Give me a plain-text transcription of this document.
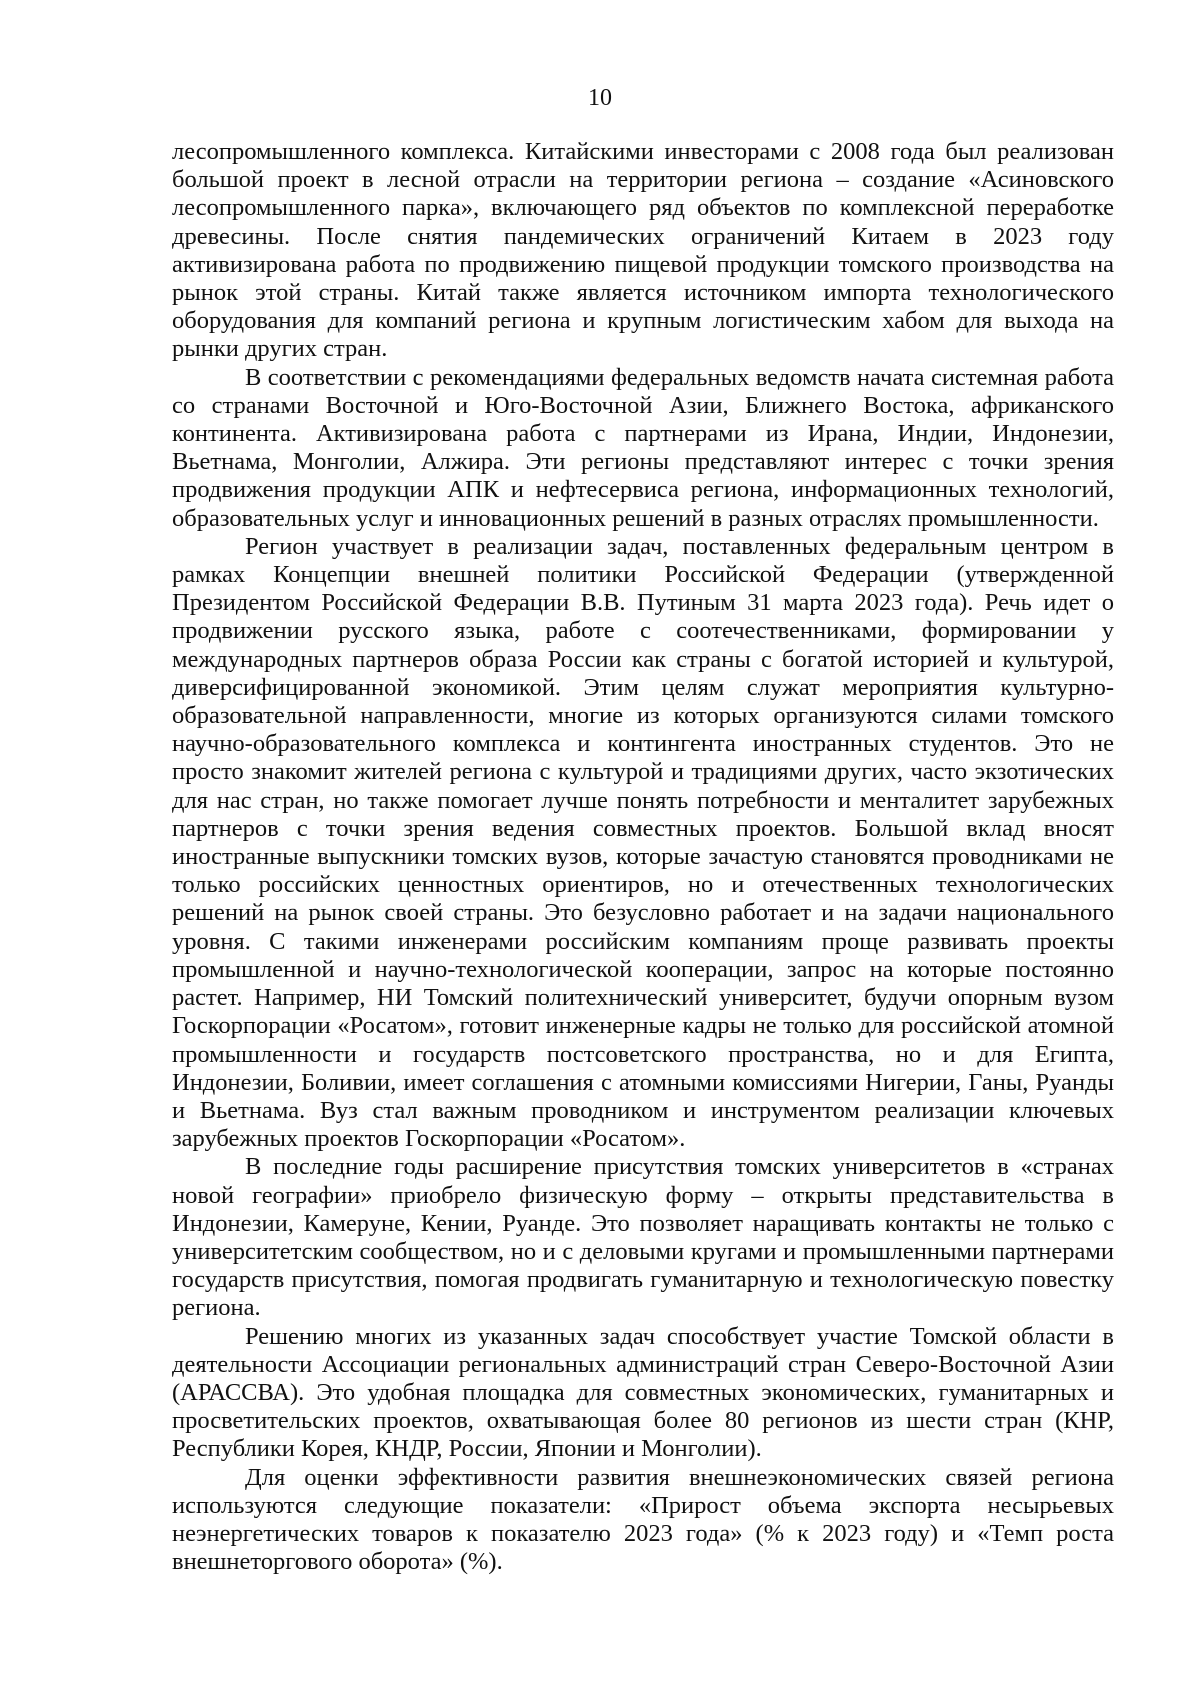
10

лесопромышленного комплекса. Китайскими инвесторами с 2008 года был реализован большой проект в лесной отрасли на территории региона – создание «Асиновского лесопромышленного парка», включающего ряд объектов по комплексной переработке древесины. После снятия пандемических ограничений Китаем в 2023 году активизирована работа по продвижению пищевой продукции томского производства на рынок этой страны. Китай также является источником импорта технологического оборудования для компаний региона и крупным логистическим хабом для выхода на рынки других стран.

В соответствии с рекомендациями федеральных ведомств начата системная работа со странами Восточной и Юго-Восточной Азии, Ближнего Востока, африканского континента. Активизирована работа с партнерами из Ирана, Индии, Индонезии, Вьетнама, Монголии, Алжира. Эти регионы представляют интерес с точки зрения продвижения продукции АПК и нефтесервиса региона, информационных технологий, образовательных услуг и инновационных решений в разных отраслях промышленности.

Регион участвует в реализации задач, поставленных федеральным центром в рамках Концепции внешней политики Российской Федерации (утвержденной Президентом Российской Федерации В.В. Путиным 31 марта 2023 года). Речь идет о продвижении русского языка, работе с соотечественниками, формировании у международных партнеров образа России как страны с богатой историей и культурой, диверсифицированной экономикой. Этим целям служат мероприятия культурно-образовательной направленности, многие из которых организуются силами томского научно-образовательного комплекса и контингента иностранных студентов. Это не просто знакомит жителей региона с культурой и традициями других, часто экзотических для нас стран, но также помогает лучше понять потребности и менталитет зарубежных партнеров с точки зрения ведения совместных проектов. Большой вклад вносят иностранные выпускники томских вузов, которые зачастую становятся проводниками не только российских ценностных ориентиров, но и отечественных технологических решений на рынок своей страны. Это безусловно работает и на задачи национального уровня. С такими инженерами российским компаниям проще развивать проекты промышленной и научно-технологической кооперации, запрос на которые постоянно растет. Например, НИ Томский политехнический университет, будучи опорным вузом Госкорпорации «Росатом», готовит инженерные кадры не только для российской атомной промышленности и государств постсоветского пространства, но и для Египта, Индонезии, Боливии, имеет соглашения с атомными комиссиями Нигерии, Ганы, Руанды и Вьетнама. Вуз стал важным проводником и инструментом реализации ключевых зарубежных проектов Госкорпорации «Росатом».

В последние годы расширение присутствия томских университетов в «странах новой географии» приобрело физическую форму – открыты представительства в Индонезии, Камеруне, Кении, Руанде. Это позволяет наращивать контакты не только с университетским сообществом, но и с деловыми кругами и промышленными партнерами государств присутствия, помогая продвигать гуманитарную и технологическую повестку региона.

Решению многих из указанных задач способствует участие Томской области в деятельности Ассоциации региональных администраций стран Северо-Восточной Азии (АРАССВА). Это удобная площадка для совместных экономических, гуманитарных и просветительских проектов, охватывающая более 80 регионов из шести стран (КНР, Республики Корея, КНДР, России, Японии и Монголии).

Для оценки эффективности развития внешнеэкономических связей региона используются следующие показатели: «Прирост объема экспорта несырьевых неэнергетических товаров к показателю 2023 года» (% к 2023 году) и «Темп роста внешнеторгового оборота» (%).
